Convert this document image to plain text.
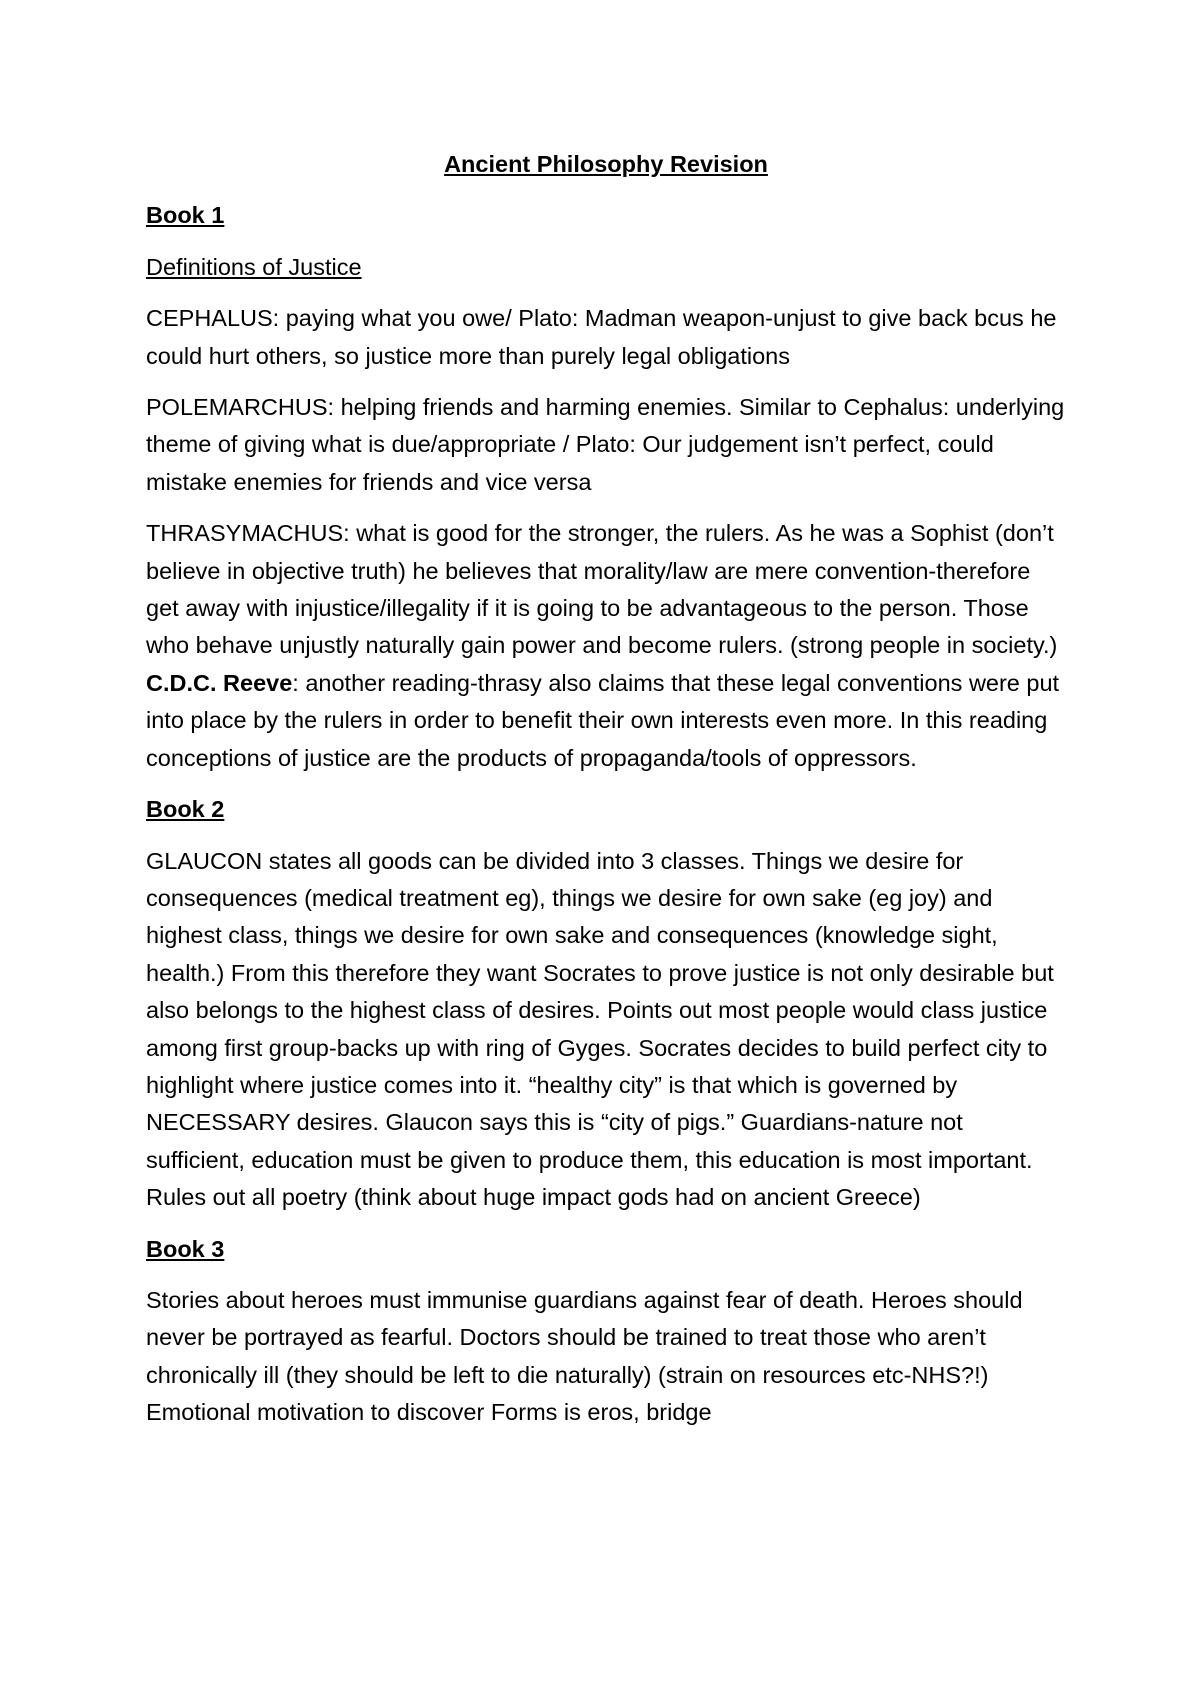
Ancient Philosophy Revision
Book 1
Definitions of Justice

CEPHALUS: paying what you owe/ Plato: Madman weapon-unjust to give back bcus he could hurt others, so justice more than purely legal obligations

POLEMARCHUS: helping friends and harming enemies. Similar to Cephalus: underlying theme of giving what is due/appropriate / Plato: Our judgement isn’t perfect, could mistake enemies for friends and vice versa

THRASYMACHUS: what is good for the stronger, the rulers. As he was a Sophist (don’t believe in objective truth) he believes that morality/law are mere convention-therefore get away with injustice/illegality if it is going to be advantageous to the person. Those who behave unjustly naturally gain power and become rulers. (strong people in society.) C.D.C. Reeve: another reading-thrasy also claims that these legal conventions were put into place by the rulers in order to benefit their own interests even more. In this reading conceptions of justice are the products of propaganda/tools of oppressors.

Book 2

GLAUCON states all goods can be divided into 3 classes. Things we desire for consequences (medical treatment eg), things we desire for own sake (eg joy) and highest class, things we desire for own sake and consequences (knowledge sight, health.) From this therefore they want Socrates to prove justice is not only desirable but also belongs to the highest class of desires. Points out most people would class justice among first group-backs up with ring of Gyges. Socrates decides to build perfect city to highlight where justice comes into it. “healthy city” is that which is governed by NECESSARY desires. Glaucon says this is “city of pigs.” Guardians-nature not sufficient, education must be given to produce them, this education is most important. Rules out all poetry (think about huge impact gods had on ancient Greece)

Book 3

Stories about heroes must immunise guardians against fear of death. Heroes should never be portrayed as fearful. Doctors should be trained to treat those who aren’t chronically ill (they should be left to die naturally) (strain on resources etc-NHS?!) Emotional motivation to discover Forms is eros, bridge
